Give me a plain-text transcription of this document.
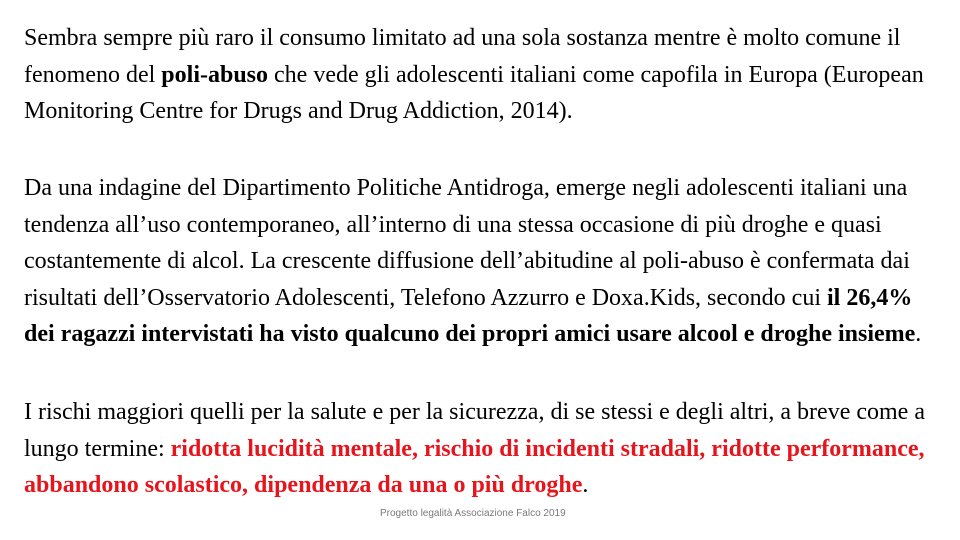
Sembra sempre più raro il consumo limitato ad una sola sostanza mentre è molto comune il fenomeno del poli-abuso che vede gli adolescenti italiani come capofila in Europa (European Monitoring Centre for Drugs and Drug Addiction, 2014).

Da una indagine del Dipartimento Politiche Antidroga, emerge negli adolescenti italiani una tendenza all’uso contemporaneo, all’interno di una stessa occasione di più droghe e quasi costantemente di alcol. La crescente diffusione dell’abitudine al poli-abuso è confermata dai risultati dell’Osservatorio Adolescenti, Telefono Azzurro e Doxa.Kids, secondo cui il 26,4% dei ragazzi intervistati ha visto qualcuno dei propri amici usare alcool e droghe insieme.

I rischi maggiori quelli per la salute e per la sicurezza, di se stessi e degli altri, a breve come a lungo termine: ridotta lucidità mentale, rischio di incidenti stradali, ridotte performance, abbandono scolastico, dipendenza da una o più droghe.

Progetto legalità Associazione Falco 2019
